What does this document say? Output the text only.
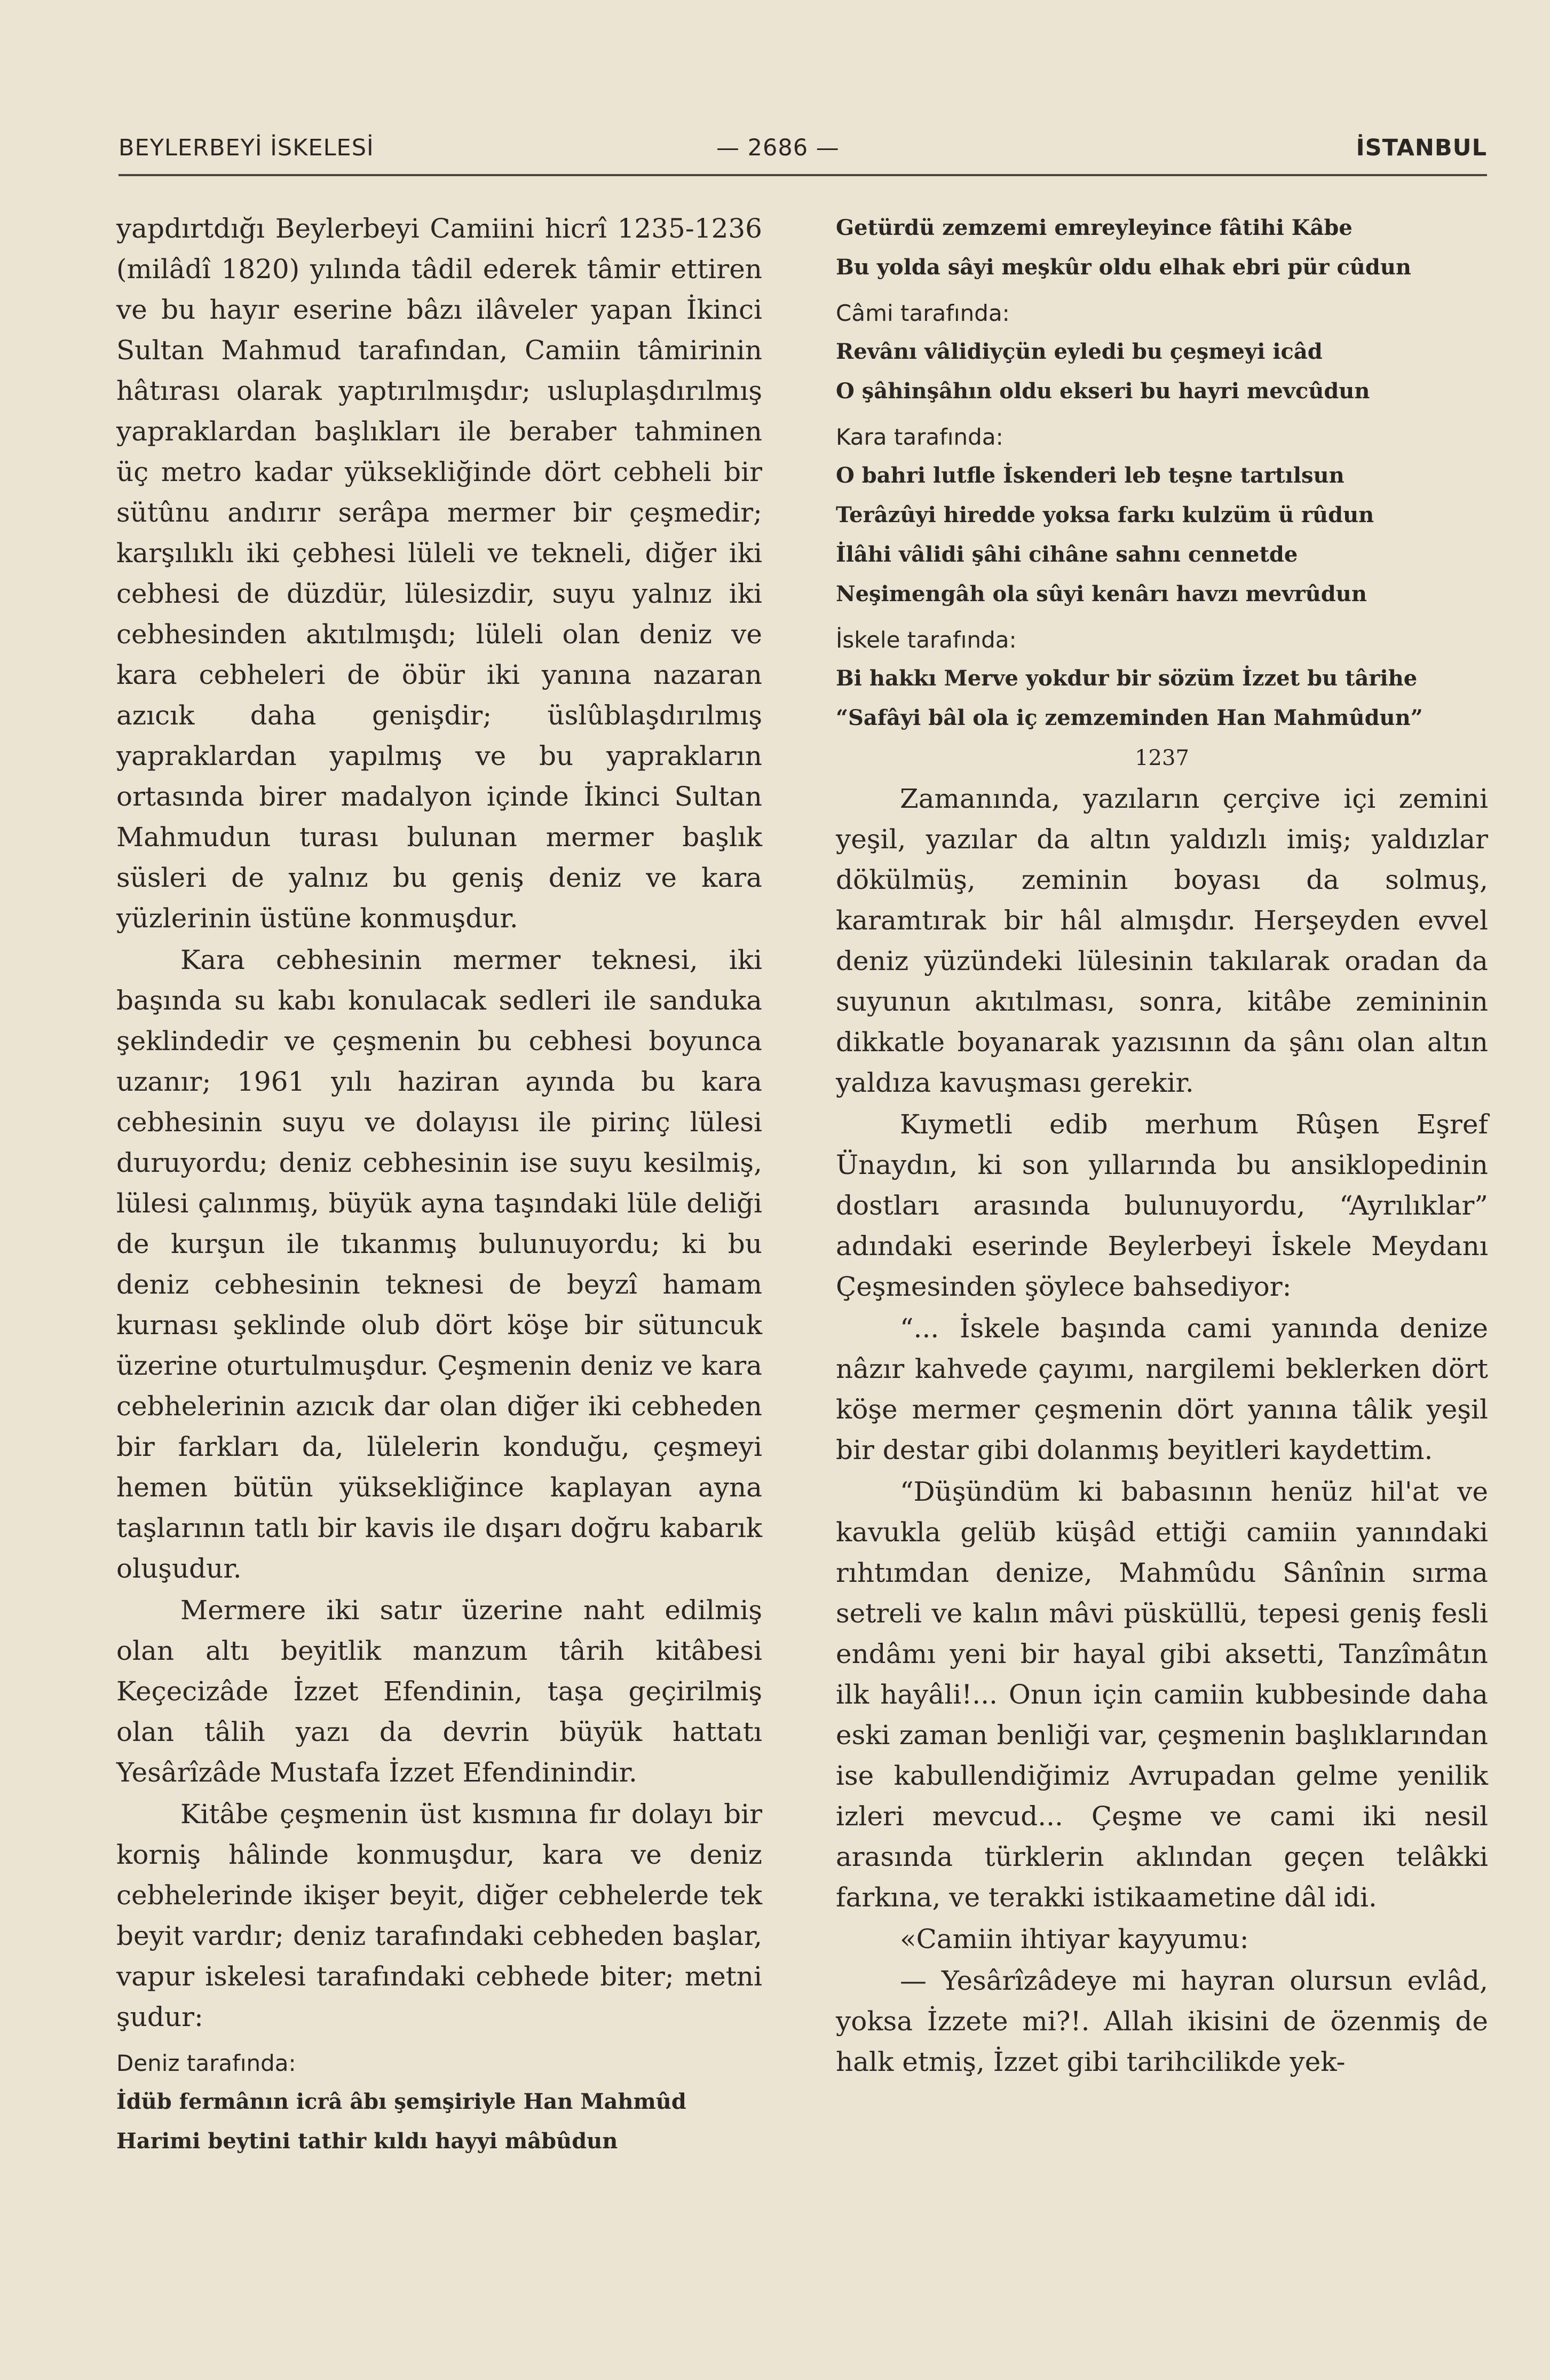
BEYLERBEYİ İSKELESİ	— 2686 —	İSTANBUL

yapdırtdığı Beylerbeyi Camiini hicrî 1235-1236 (milâdî 1820) yılında tâdil ederek tâmir ettiren ve bu hayır eserine bâzı ilâveler yapan İkinci Sultan Mahmud tarafından, Camiin tâmirinin hâtırası olarak yaptırılmışdır; usluplaşdırılmış yapraklardan başlıkları ile beraber tahminen üç metro kadar yüksekliğinde dört cebheli bir sütûnu andırır serâpa mermer bir çeşmedir; karşılıklı iki çebhesi lüleli ve tekneli, diğer iki cebhesi de düzdür, lülesizdir, suyu yalnız iki cebhesinden akıtılmışdı; lüleli olan deniz ve kara cebheleri de öbür iki yanına nazaran azıcık daha genişdir; üslûblaşdırılmış yapraklardan yapılmış ve bu yaprakların ortasında birer madalyon içinde İkinci Sultan Mahmudun turası bulunan mermer başlık süsleri de yalnız bu geniş deniz ve kara yüzlerinin üstüne konmuşdur.

Kara cebhesinin mermer teknesi, iki başında su kabı konulacak sedleri ile sanduka şeklindedir ve çeşmenin bu cebhesi boyunca uzanır; 1961 yılı haziran ayında bu kara cebhesinin suyu ve dolayısı ile pirinç lülesi duruyordu; deniz cebhesinin ise suyu kesilmiş, lülesi çalınmış, büyük ayna taşındaki lüle deliği de kurşun ile tıkanmış bulunuyordu; ki bu deniz cebhesinin teknesi de beyzî hamam kurnası şeklinde olub dört köşe bir sütuncuk üzerine oturtulmuşdur. Çeşmenin deniz ve kara cebhelerinin azıcık dar olan diğer iki cebheden bir farkları da, lülelerin konduğu, çeşmeyi hemen bütün yüksekliğince kaplayan ayna taşlarının tatlı bir kavis ile dışarı doğru kabarık oluşudur.

Mermere iki satır üzerine naht edilmiş olan altı beyitlik manzum târih kitâbesi Keçecizâde İzzet Efendinin, taşa geçirilmiş olan tâlih yazı da devrin büyük hattatı Yesârîzâde Mustafa İzzet Efendinindir.

Kitâbe çeşmenin üst kısmına fır dolayı bir korniş hâlinde konmuşdur, kara ve deniz cebhelerinde ikişer beyit, diğer cebhelerde tek beyit vardır; deniz tarafındaki cebheden başlar, vapur iskelesi tarafındaki cebhede biter; metni şudur:

Deniz tarafında:
İdüb fermânın icrâ âbı şemşiriyle Han Mahmûd
Harimi beytini tathir kıldı hayyi mâbûdun
Getürdü zemzemi emreyleyince fâtihi Kâbe
Bu yolda sâyi meşkûr oldu elhak ebri pür cûdun
Câmi tarafında:
Revânı vâlidiyçün eyledi bu çeşmeyi icâd
O şâhinşâhın oldu ekseri bu hayri mevcûdun
Kara tarafında:
O bahri lutfle İskenderi leb teşne tartılsun
Terâzûyi hiredde yoksa farkı kulzüm ü rûdun
İlâhi vâlidi şâhi cihâne sahnı cennetde
Neşimengâh ola sûyi kenârı havzı mevrûdun
İskele tarafında:
Bi hakkı Merve yokdur bir sözüm İzzet bu târihe
“Safâyi bâl ola iç zemzeminden Han Mahmûdun”
1237

Zamanında, yazıların çerçive içi zemini yeşil, yazılar da altın yaldızlı imiş; yaldızlar dökülmüş, zeminin boyası da solmuş, karamtırak bir hâl almışdır. Herşeyden evvel deniz yüzündeki lülesinin takılarak oradan da suyunun akıtılması, sonra, kitâbe zemininin dikkatle boyanarak yazısının da şânı olan altın yaldıza kavuşması gerekir.

Kıymetli edib merhum Rûşen Eşref Ünaydın, ki son yıllarında bu ansiklopedinin dostları arasında bulunuyordu, “Ayrılıklar” adındaki eserinde Beylerbeyi İskele Meydanı Çeşmesinden şöylece bahsediyor:

“... İskele başında cami yanında denize nâzır kahvede çayımı, nargilemi beklerken dört köşe mermer çeşmenin dört yanına tâlik yeşil bir destar gibi dolanmış beyitleri kaydettim.

“Düşündüm ki babasının henüz hil'at ve kavukla gelüb küşâd ettiği camiin yanındaki rıhtımdan denize, Mahmûdu Sânînin sırma setreli ve kalın mâvi püsküllü, tepesi geniş fesli endâmı yeni bir hayal gibi aksetti, Tanzîmâtın ilk hayâli!... Onun için camiin kubbesinde daha eski zaman benliği var, çeşmenin başlıklarından ise kabullendiğimiz Avrupadan gelme yenilik izleri mevcud... Çeşme ve cami iki nesil arasında türklerin aklından geçen telâkki farkına, ve terakki istikaametine dâl idi.

«Camiin ihtiyar kayyumu:

— Yesârîzâdeye mi hayran olursun evlâd, yoksa İzzete mi?!. Allah ikisini de özenmiş de halk etmiş, İzzet gibi tarihcilikde yek-
